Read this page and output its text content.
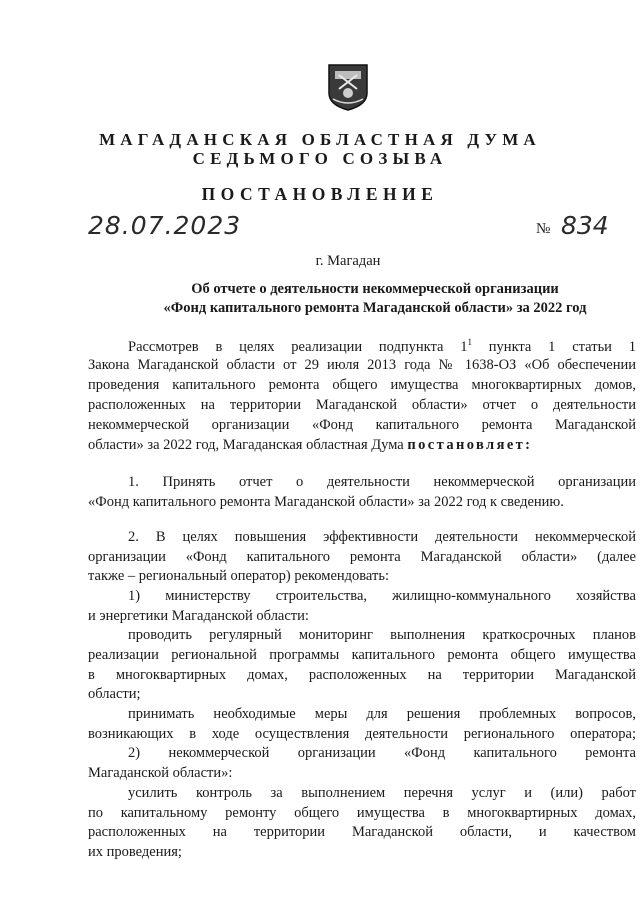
МАГАДАНСКАЯ ОБЛАСТНАЯ ДУМА
СЕДЬМОГО СОЗЫВА
ПОСТАНОВЛЕНИЕ
28.07.2023	№ 834
г. Магадан
Об отчете о деятельности некоммерческой организации
«Фонд капитального ремонта Магаданской области» за 2022 год
Рассмотрев в целях реализации подпункта $1^1$ пункта 1 статьи 1
Закона Магаданской области от 29 июля 2013 года № 1638-ОЗ «Об обеспечении
проведения капитального ремонта общего имущества многоквартирных домов,
расположенных на территории Магаданской области» отчет о деятельности
некоммерческой организации «Фонд капитального ремонта Магаданской
области» за 2022 год, Магаданская областная Дума постановляет:
1. Принять отчет о деятельности некоммерческой организации
«Фонд капитального ремонта Магаданской области» за 2022 год к сведению.
2. В целях повышения эффективности деятельности некоммерческой
организации «Фонд капитального ремонта Магаданской области» (далее
также – региональный оператор) рекомендовать:
1) министерству строительства, жилищно-коммунального хозяйства
и энергетики Магаданской области:
проводить регулярный мониторинг выполнения краткосрочных планов
реализации региональной программы капитального ремонта общего имущества
в многоквартирных домах, расположенных на территории Магаданской
области;
принимать необходимые меры для решения проблемных вопросов,
возникающих в ходе осуществления деятельности регионального оператора;
2) некоммерческой организации «Фонд капитального ремонта
Магаданской области»:
усилить контроль за выполнением перечня услуг и (или) работ
по капитальному ремонту общего имущества в многоквартирных домах,
расположенных на территории Магаданской области, и качеством
их проведения;
